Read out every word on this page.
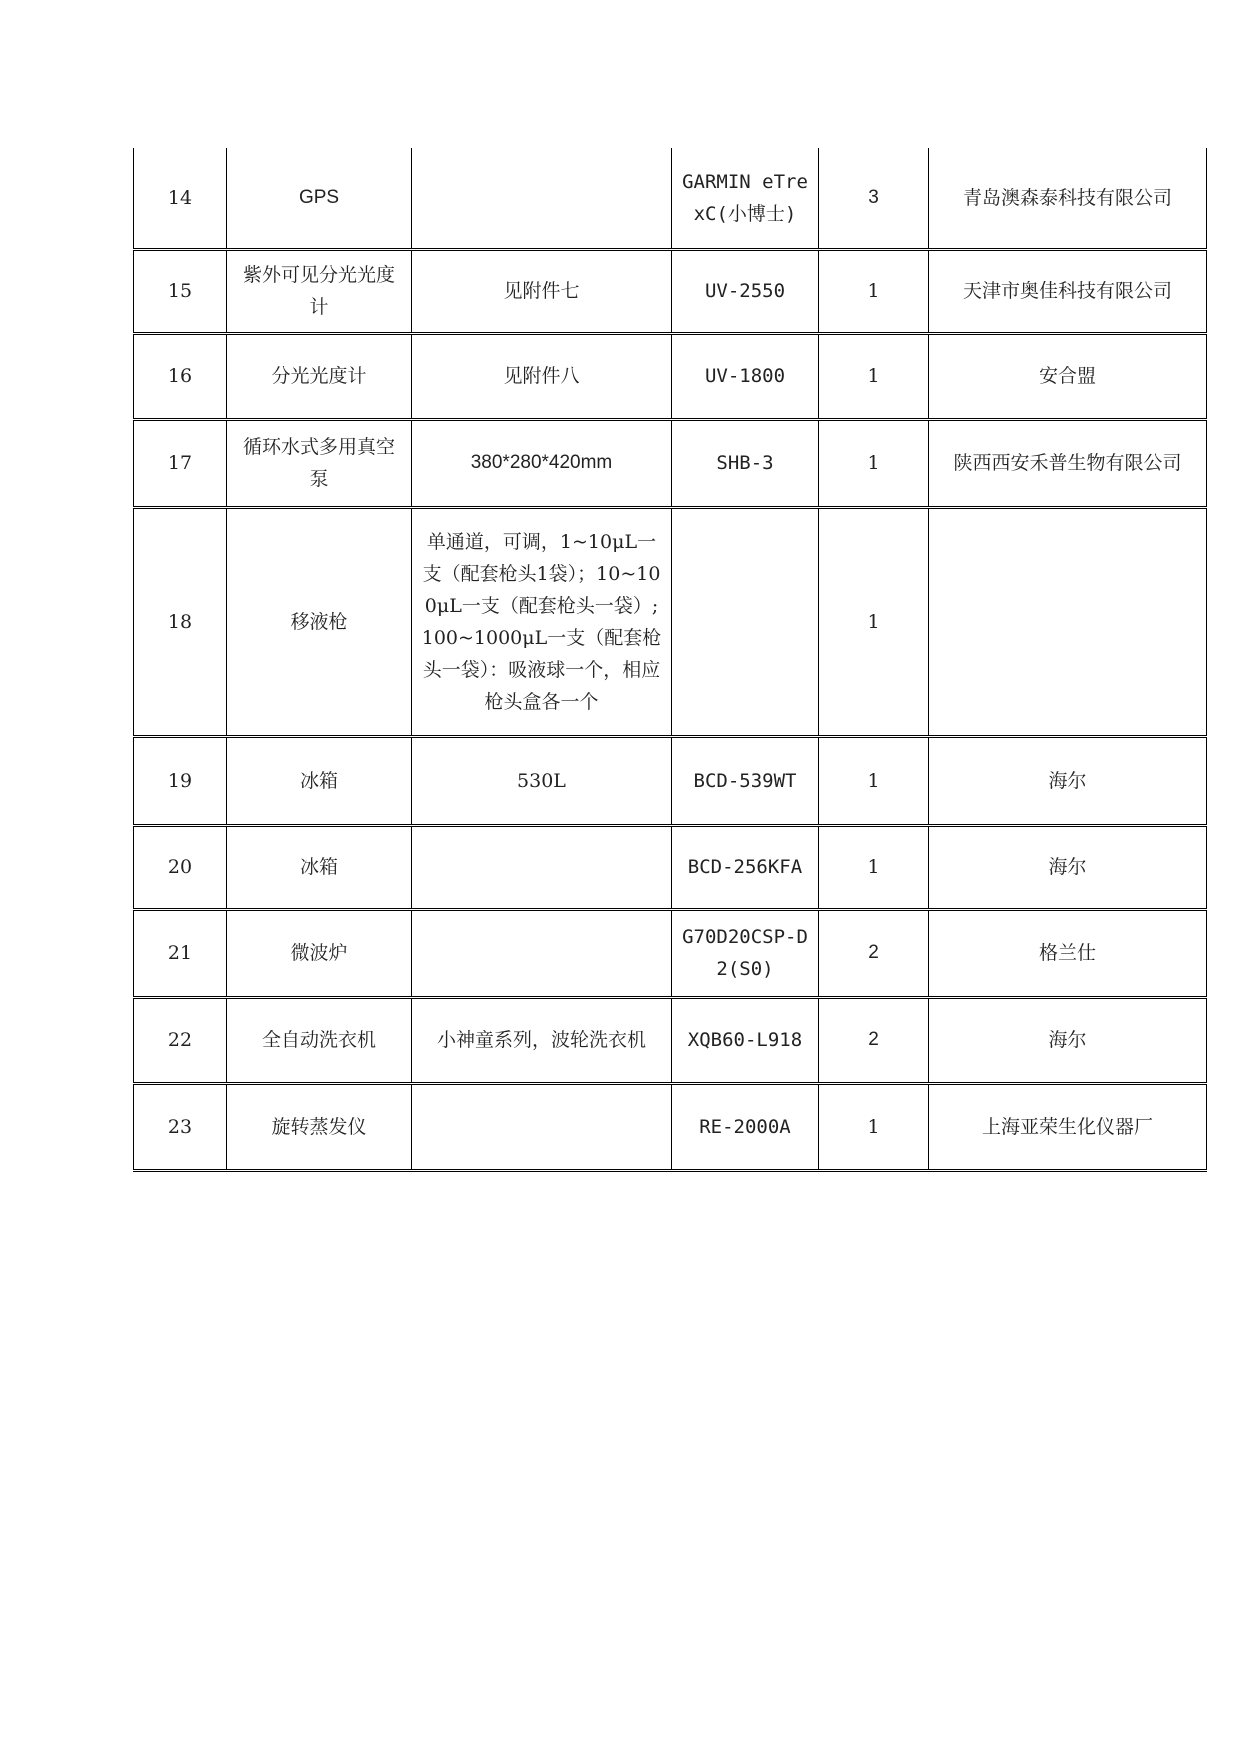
14	GPS		GARMIN eTrexC(小博士)	3	青岛澳森泰科技有限公司
15	紫外可见分光光度计	见附件七	UV-2550	1	天津市奥佳科技有限公司
16	分光光度计	见附件八	UV-1800	1	安合盟
17	循环水式多用真空泵	380*280*420mm	SHB-3	1	陕西西安禾普生物有限公司
18	移液枪	单通道，可调，1~10μL一支（配套枪头1袋）；10~100μL一支（配套枪头一袋）;100~1000μL一支（配套枪头一袋）：吸液球一个，相应枪头盒各一个		1	
19	冰箱	530L	BCD-539WT	1	海尔
20	冰箱		BCD-256KFA	1	海尔
21	微波炉		G70D20CSP-D2(S0)	2	格兰仕
22	全自动洗衣机	小神童系列，波轮洗衣机	XQB60-L918	2	海尔
23	旋转蒸发仪		RE-2000A	1	上海亚荣生化仪器厂
